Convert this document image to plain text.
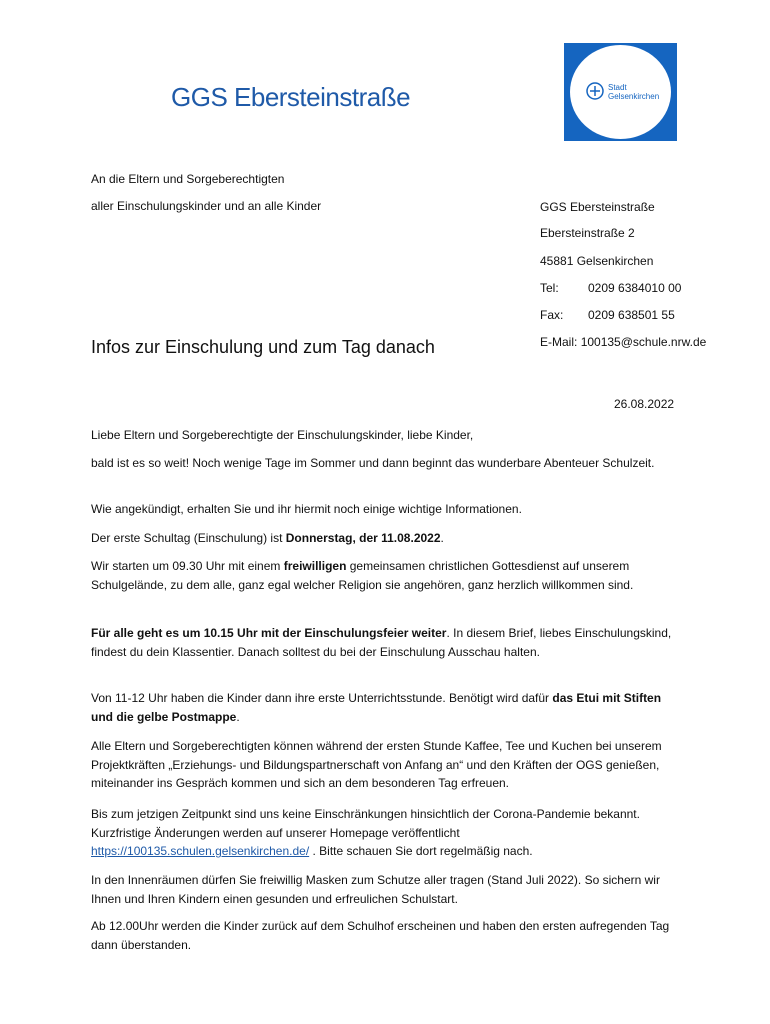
GGS Ebersteinstraße	Stadt
Gelsenkirchen
An die Eltern und Sorgeberechtigten
aller Einschulungskinder und an alle Kinder	GGS Ebersteinstraße
Ebersteinstraße 2
45881 Gelsenkirchen
Tel: 0209 6384010 00
Fax: 0209 638501 55
E-Mail: 100135@schule.nrw.de
Infos zur Einschulung und zum Tag danach
26.08.2022

Liebe Eltern und Sorgeberechtigte der Einschulungskinder, liebe Kinder,

bald ist es so weit! Noch wenige Tage im Sommer und dann beginnt das wunderbare Abenteuer Schulzeit.

Wie angekündigt, erhalten Sie und ihr hiermit noch einige wichtige Informationen.

Der erste Schultag (Einschulung) ist Donnerstag, der 11.08.2022.

Wir starten um 09.30 Uhr mit einem freiwilligen gemeinsamen christlichen Gottesdienst auf unserem Schulgelände, zu dem alle, ganz egal welcher Religion sie angehören, ganz herzlich willkommen sind.

Für alle geht es um 10.15 Uhr mit der Einschulungsfeier weiter. In diesem Brief, liebes Einschulungskind, findest du dein Klassentier. Danach solltest du bei der Einschulung Ausschau halten.

Von 11-12 Uhr haben die Kinder dann ihre erste Unterrichtsstunde. Benötigt wird dafür das Etui mit Stiften und die gelbe Postmappe.

Alle Eltern und Sorgeberechtigten können während der ersten Stunde Kaffee, Tee und Kuchen bei unserem Projektkräften „Erziehungs- und Bildungspartnerschaft von Anfang an“ und den Kräften der OGS genießen, miteinander ins Gespräch kommen und sich an dem besonderen Tag erfreuen.

Bis zum jetzigen Zeitpunkt sind uns keine Einschränkungen hinsichtlich der Corona-Pandemie bekannt. Kurzfristige Änderungen werden auf unserer Homepage veröffentlicht https://100135.schulen.gelsenkirchen.de/ . Bitte schauen Sie dort regelmäßig nach.

In den Innenräumen dürfen Sie freiwillig Masken zum Schutze aller tragen (Stand Juli 2022). So sichern wir Ihnen und Ihren Kindern einen gesunden und erfreulichen Schulstart.

Ab 12.00Uhr werden die Kinder zurück auf dem Schulhof erscheinen und haben den ersten aufregenden Tag dann überstanden.
